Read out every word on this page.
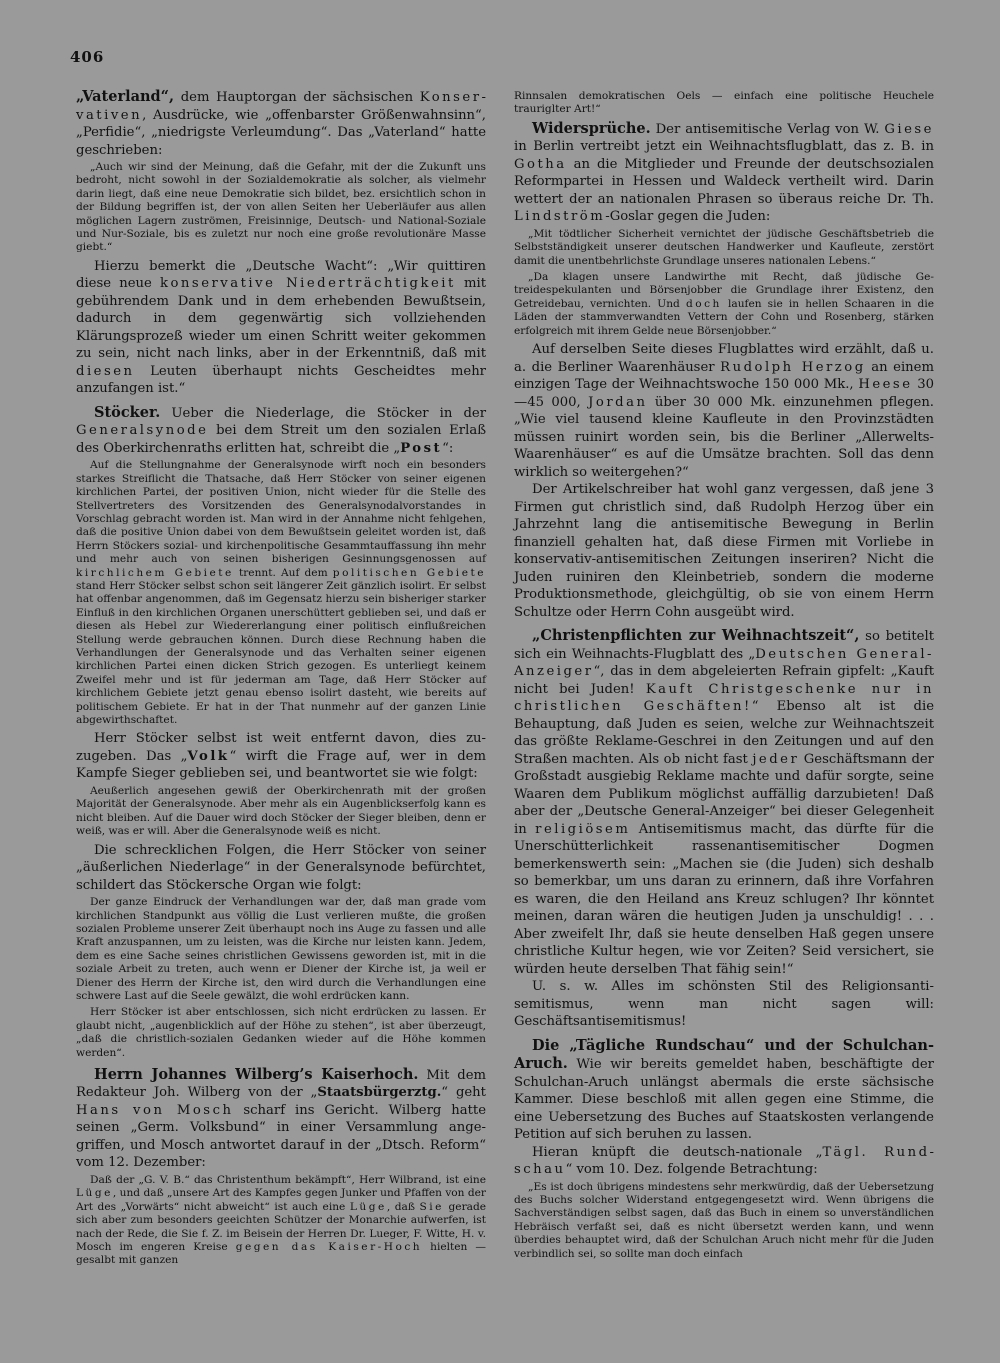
406

„Vaterland“, dem Hauptorgan der sächsischen Konservativen, Ausdrücke, wie „offenbarster Größenwahnsinn“, „Perfidie“, „niedrigste Verleumdung“. Das „Vaterland“ hatte geschrieben:

„Auch wir sind der Meinung, daß die Gefahr, mit der die Zukunft uns bedroht, nicht sowohl in der Sozialdemokratie als solcher, als vielmehr darin liegt, daß eine neue Demokratie sich bildet, bez. ersichtlich schon in der Bildung begriffen ist, der von allen Seiten her Ueberläufer aus allen möglichen Lagern zuströmen, Freisinnige, Deutsch- und National-Soziale und Nur-Soziale, bis es zuletzt nur noch eine große revolutionäre Masse giebt.“

Hierzu bemerkt die „Deutsche Wacht“: „Wir quittiren diese neue konservative Niederträchtigkeit mit gebührendem Dank und in dem erhebenden Bewußtsein, dadurch in dem gegenwärtig sich vollziehenden Klärungsprozeß wieder um einen Schritt weiter gekommen zu sein, nicht nach links, aber in der Erkenntniß, daß mit diesen Leuten überhaupt nichts Gescheidtes mehr anzufangen ist.“

Stöcker. Ueber die Niederlage, die Stöcker in der Generalsynode bei dem Streit um den sozialen Erlaß des Oberkirchenraths erlitten hat, schreibt die „Post“:

Auf die Stellungnahme der Generalsynode wirft noch ein besonders starkes Streiflicht die Thatsache, daß Herr Stöcker von seiner eigenen kirchlichen Partei, der positiven Union, nicht wieder für die Stelle des Stellvertreters des Vorsitzenden des Generalsynodalvorstandes in Vorschlag gebracht worden ist. Man wird in der Annahme nicht fehlgehen, daß die positive Union dabei von dem Bewußtsein geleitet worden ist, daß Herrn Stöckers sozial- und kirchenpolitische Gesammtauffassung ihn mehr und mehr auch von seinen bisherigen Gesinnungsgenossen auf kirchlichem Gebiete trennt. Auf dem politischen Gebiete stand Herr Stöcker selbst schon seit längerer Zeit gänzlich isolirt. Er selbst hat offenbar angenommen, daß im Gegensatz hierzu sein bisheriger starker Einfluß in den kirchlichen Organen unerschüttert geblieben sei, und daß er diesen als Hebel zur Wiedererlangung einer politisch einflußreichen Stellung werde gebrauchen können. Durch diese Rechnung haben die Verhandlungen der Generalsynode und das Verhalten seiner eigenen kirchlichen Partei einen dicken Strich gezogen. Es unterliegt keinem Zweifel mehr und ist für jederman am Tage, daß Herr Stöcker auf kirchlichem Gebiete jetzt genau ebenso isolirt dasteht, wie bereits auf politischem Gebiete. Er hat in der That nunmehr auf der ganzen Linie abgewirthschaftet.

Herr Stöcker selbst ist weit entfernt davon, dies zuzugeben. Das „Volk“ wirft die Frage auf, wer in dem Kampfe Sieger geblieben sei, und beantwortet sie wie folgt:

Aeußerlich angesehen gewiß der Oberkirchenrath mit der großen Majorität der Generalsynode. Aber mehr als ein Augenblickserfolg kann es nicht bleiben. Auf die Dauer wird doch Stöcker der Sieger bleiben, denn er weiß, was er will. Aber die Generalsynode weiß es nicht.

Die schrecklichen Folgen, die Herr Stöcker von seiner „äußerlichen Niederlage“ in der Generalsynode befürchtet, schildert das Stöckersche Organ wie folgt:

Der ganze Eindruck der Verhandlungen war der, daß man grade vom kirchlichen Standpunkt aus völlig die Lust verlieren mußte, die großen sozialen Probleme unserer Zeit überhaupt noch ins Auge zu fassen und alle Kraft anzuspannen, um zu leisten, was die Kirche nur leisten kann. Jedem, dem es eine Sache seines christlichen Gewissens geworden ist, mit in die soziale Arbeit zu treten, auch wenn er Diener der Kirche ist, ja weil er Diener des Herrn der Kirche ist, den wird durch die Verhandlungen eine schwere Last auf die Seele gewälzt, die wohl erdrücken kann.

Herr Stöcker ist aber entschlossen, sich nicht erdrücken zu lassen. Er glaubt nicht, „augenblicklich auf der Höhe zu stehen“, ist aber überzeugt, „daß die christlich-sozialen Gedanken wieder auf die Höhe kommen werden“.

Herrn Johannes Wilberg’s Kaiserhoch. Mit dem Redakteur Joh. Wilberg von der „Staatsbürgerztg.“ geht Hans von Mosch scharf ins Gericht. Wilberg hatte seinen „Germ. Volksbund“ in einer Versammlung angegriffen, und Mosch antwortet darauf in der „Dtsch. Reform“ vom 12. Dezember:

Daß der „G. V. B.“ das Christenthum bekämpft“, Herr Wilbrand, ist eine Lüge, und daß „unsere Art des Kampfes gegen Junker und Pfaffen von der Art des „Vorwärts“ nicht abweicht“ ist auch eine Lüge, daß Sie gerade sich aber zum besonders geeichten Schützer der Monarchie aufwerfen, ist nach der Rede, die Sie f. Z. im Beisein der Herren Dr. Lueger, F. Witte, H. v. Mosch im engeren Kreise gegen das Kaiser-Hoch hielten — gesalbt mit ganzen

Rinnsalen demokratischen Oels — einfach eine politische Heuchele trauriglter Art!“

Widersprüche. Der antisemitische Verlag von W. Giese in Berlin vertreibt jetzt ein Weihnachtsflugblatt, das z. B. in Gotha an die Mitglieder und Freunde der deutschsozialen Reformpartei in Hessen und Waldeck vertheilt wird. Darin wettert der an nationalen Phrasen so überaus reiche Dr. Th. Lindström-Goslar gegen die Juden:

„Mit tödtlicher Sicherheit vernichtet der jüdische Geschäftsbetrieb die Selbstständigkeit unserer deutschen Handwerker und Kaufleute, zerstört damit die unentbehrlichste Grundlage unseres nationalen Lebens.“

„Da klagen unsere Landwirthe mit Recht, daß jüdische Getreidespekulanten und Börsenjobber die Grundlage ihrer Existenz, den Getreidebau, vernichten. Und doch laufen sie in hellen Schaaren in die Läden der stammverwandten Vettern der Cohn und Rosenberg, stärken erfolgreich mit ihrem Gelde neue Börsenjobber.“

Auf derselben Seite dieses Flugblattes wird erzählt, daß u. a. die Berliner Waarenhäuser Rudolph Herzog an einem einzigen Tage der Weihnachtswoche 150 000 Mk., Heese 30—45 000, Jordan über 30 000 Mk. einzunehmen pflegen. „Wie viel tausend kleine Kaufleute in den Provinzstädten müssen ruinirt worden sein, bis die Berliner „Allerwelts-Waarenhäuser“ es auf die Umsätze brachten. Soll das denn wirklich so weitergehen?“

Der Artikelschreiber hat wohl ganz vergessen, daß jene 3 Firmen gut christlich sind, daß Rudolph Herzog über ein Jahrzehnt lang die antisemitische Bewegung in Berlin finanziell gehalten hat, daß diese Firmen mit Vorliebe in konservativ-antisemitischen Zeitungen inseriren? Nicht die Juden ruiniren den Kleinbetrieb, sondern die moderne Produktionsmethode, gleichgültig, ob sie von einem Herrn Schultze oder Herrn Cohn ausgeübt wird.

„Christenpflichten zur Weihnachtszeit“, so betitelt sich ein Weihnachts-Flugblatt des „Deutschen General-Anzeiger“, das in dem abgeleierten Refrain gipfelt: „Kauft nicht bei Juden! Kauft Christgeschenke nur in christlichen Geschäften!“ Ebenso alt ist die Behauptung, daß Juden es seien, welche zur Weihnachtszeit das größte Reklame-Geschrei in den Zeitungen und auf den Straßen machten. Als ob nicht fast jeder Geschäftsmann der Großstadt ausgiebig Reklame machte und dafür sorgte, seine Waaren dem Publikum möglichst auffällig darzubieten! Daß aber der „Deutsche General-Anzeiger“ bei dieser Gelegenheit in religiösem Antisemitismus macht, das dürfte für die Unerschütterlichkeit rassenantisemitischer Dogmen bemerkenswerth sein: „Machen sie (die Juden) sich deshalb so bemerkbar, um uns daran zu erinnern, daß ihre Vorfahren es waren, die den Heiland ans Kreuz schlugen? Ihr könntet meinen, daran wären die heutigen Juden ja unschuldig! . . . Aber zweifelt Ihr, daß sie heute denselben Haß gegen unsere christliche Kultur hegen, wie vor Zeiten? Seid versichert, sie würden heute derselben That fähig sein!“

U. s. w. Alles im schönsten Stil des Religionsantisemitismus, wenn man nicht sagen will: Geschäftsantisemitismus!

Die „Tägliche Rundschau“ und der Schulchan-Aruch. Wie wir bereits gemeldet haben, beschäftigte der Schulchan-Aruch unlängst abermals die erste sächsische Kammer. Diese beschloß mit allen gegen eine Stimme, die eine Uebersetzung des Buches auf Staatskosten verlangende Petition auf sich beruhen zu lassen.

Hieran knüpft die deutsch-nationale „Tägl. Rundschau“ vom 10. Dez. folgende Betrachtung:

„Es ist doch übrigens mindestens sehr merkwürdig, daß der Uebersetzung des Buchs solcher Widerstand entgegengesetzt wird. Wenn übrigens die Sachverständigen selbst sagen, daß das Buch in einem so unverständlichen Hebräisch verfaßt sei, daß es nicht übersetzt werden kann, und wenn überdies behauptet wird, daß der Schulchan Aruch nicht mehr für die Juden verbindlich sei, so sollte man doch einfach
